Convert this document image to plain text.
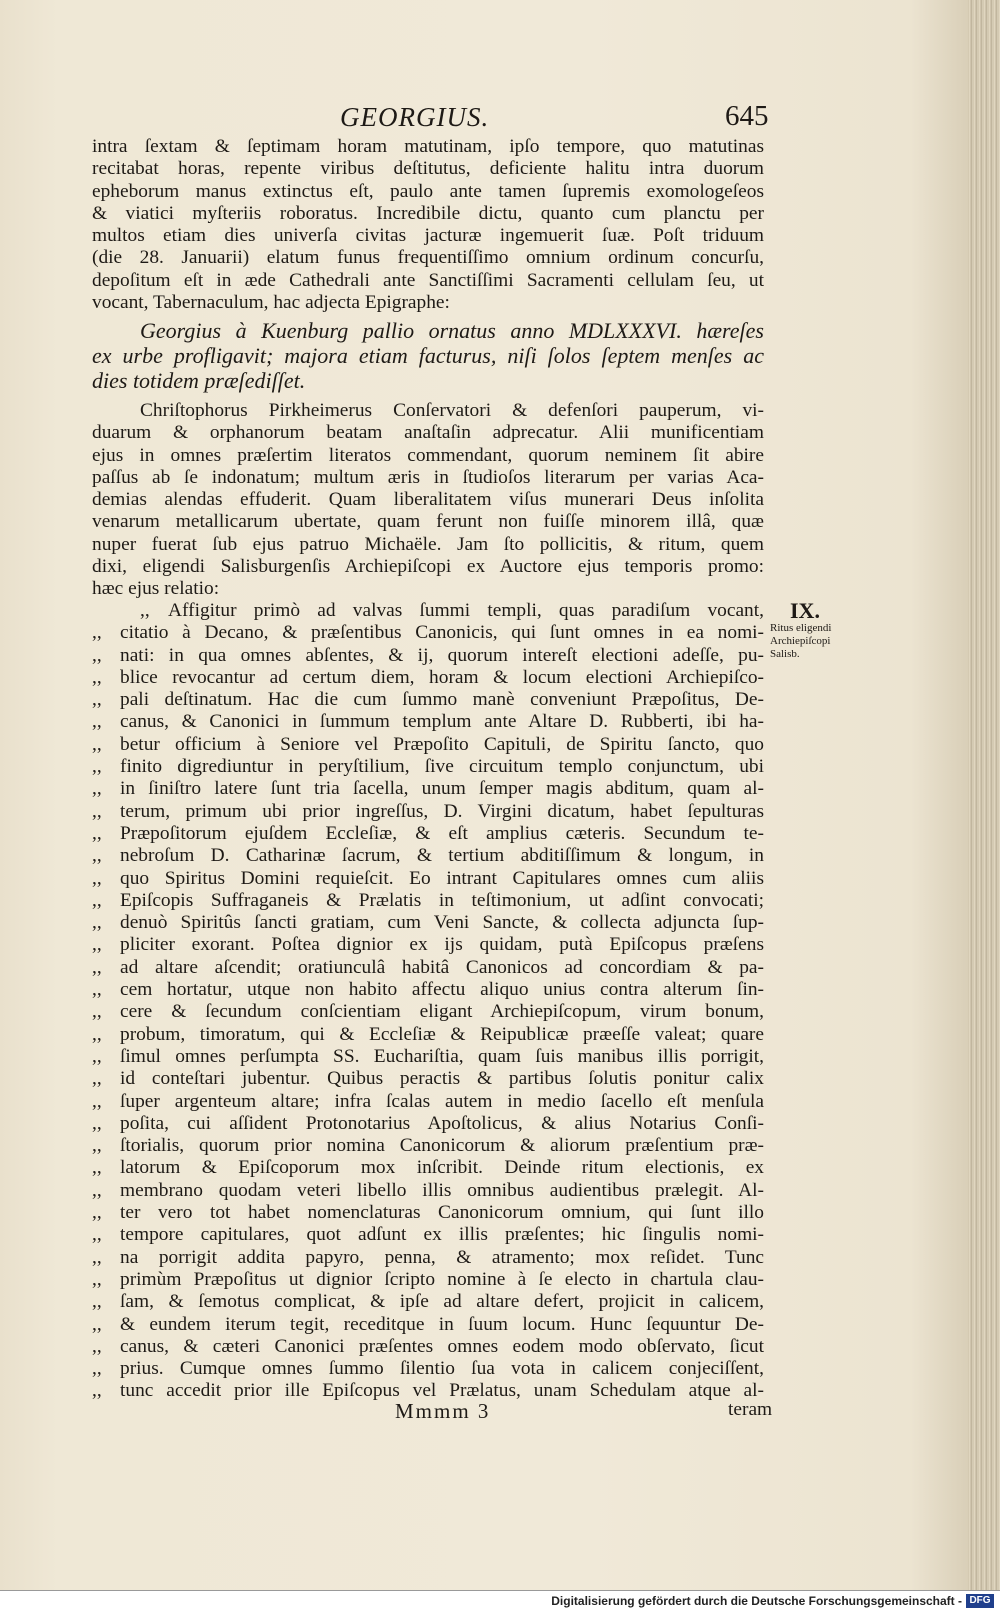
GEORGIUS.	645
intra ſextam & ſeptimam horam matutinam, ipſo tempore, quo matutinas
recitabat horas, repente viribus deſtitutus, deficiente halitu intra duorum
epheborum manus extinctus eſt, paulo ante tamen ſupremis exomologeſeos
& viatici myſteriis roboratus. Incredibile dictu, quanto cum planctu per
multos etiam dies univerſa civitas jacturæ ingemuerit ſuæ. Poſt triduum
(die 28. Januarii) elatum funus frequentiſſimo omnium ordinum concurſu,
depoſitum eſt in æde Cathedrali ante Sanctiſſimi Sacramenti cellulam ſeu, ut
vocant, Tabernaculum, hac adjecta Epigraphe:
Georgius à Kuenburg pallio ornatus anno MDLXXXVI. hæreſes
ex urbe profligavit; majora etiam facturus, niſi ſolos ſeptem menſes ac
dies totidem præſediſſet.
Chriſtophorus Pirkheimerus Conſervatori & defenſori pauperum, vi-
duarum & orphanorum beatam anaſtaſin adprecatur. Alii munificentiam
ejus in omnes præſertim literatos commendant, quorum neminem ſit abire
paſſus ab ſe indonatum; multum æris in ſtudioſos literarum per varias Aca-
demias alendas effuderit. Quam liberalitatem viſus munerari Deus inſolita
venarum metallicarum ubertate, quam ferunt non fuiſſe minorem illâ, quæ
nuper fuerat ſub ejus patruo Michaële. Jam ſto pollicitis, & ritum, quem
dixi, eligendi Salisburgenſis Archiepiſcopi ex Auctore ejus temporis promo:
hæc ejus relatio:
,, Affigitur primò ad valvas ſummi templi, quas paradiſum vocant,
,, citatio à Decano, & præſentibus Canonicis, qui ſunt omnes in ea nomi-
,, nati: in qua omnes abſentes, & ij, quorum intereſt electioni adeſſe, pu-
,, blice revocantur ad certum diem, horam & locum electioni Archiepiſco-
,, pali deſtinatum. Hac die cum ſummo manè conveniunt Præpoſitus, De-
,, canus, & Canonici in ſummum templum ante Altare D. Rubberti, ibi ha-
,, betur officium à Seniore vel Præpoſito Capituli, de Spiritu ſancto, quo
,, finito digrediuntur in peryſtilium, ſive circuitum templo conjunctum, ubi
,, in ſiniſtro latere ſunt tria ſacella, unum ſemper magis abditum, quam al-
,, terum, primum ubi prior ingreſſus, D. Virgini dicatum, habet ſepulturas
,, Præpoſitorum ejuſdem Eccleſiæ, & eſt amplius cæteris. Secundum te-
,, nebroſum D. Catharinæ ſacrum, & tertium abditiſſimum & longum, in
,, quo Spiritus Domini requieſcit. Eo intrant Capitulares omnes cum aliis
,, Epiſcopis Suffraganeis & Prælatis in teſtimonium, ut adſint convocati;
,, denuò Spiritûs ſancti gratiam, cum Veni Sancte, & collecta adjuncta ſup-
,, pliciter exorant. Poſtea dignior ex ijs quidam, putà Epiſcopus præſens
,, ad altare aſcendit; oratiunculâ habitâ Canonicos ad concordiam & pa-
,, cem hortatur, utque non habito affectu aliquo unius contra alterum ſin-
,, cere & ſecundum conſcientiam eligant Archiepiſcopum, virum bonum,
,, probum, timoratum, qui & Eccleſiæ & Reipublicæ præeſſe valeat; quare
,, ſimul omnes perſumpta SS. Euchariſtia, quam ſuis manibus illis porrigit,
,, id conteſtari jubentur. Quibus peractis & partibus ſolutis ponitur calix
,, ſuper argenteum altare; infra ſcalas autem in medio ſacello eſt menſula
,, poſita, cui aſſident Protonotarius Apoſtolicus, & alius Notarius Conſi-
,, ſtorialis, quorum prior nomina Canonicorum & aliorum præſentium præ-
,, latorum & Epiſcoporum mox inſcribit. Deinde ritum electionis, ex
,, membrano quodam veteri libello illis omnibus audientibus prælegit. Al-
,, ter vero tot habet nomenclaturas Canonicorum omnium, qui ſunt illo
,, tempore capitulares, quot adſunt ex illis præſentes; hic ſingulis nomi-
,, na porrigit addita papyro, penna, & atramento; mox reſidet. Tunc
,, primùm Præpoſitus ut dignior ſcripto nomine à ſe electo in chartula clau-
,, ſam, & ſemotus complicat, & ipſe ad altare defert, projicit in calicem,
,, & eundem iterum tegit, receditque in ſuum locum. Hunc ſequuntur De-
,, canus, & cæteri Canonici præſentes omnes eodem modo obſervato, ſicut
,, prius. Cumque omnes ſummo ſilentio ſua vota in calicem conjeciſſent,
,, tunc accedit prior ille Epiſcopus vel Prælatus, unam Schedulam atque al-
IX.
Ritus eligendi
Archiepiſcopi
Salisb.
Mmmm 3	teram
Digitalisierung gefördert durch die Deutsche Forschungsgemeinschaft - DFG
